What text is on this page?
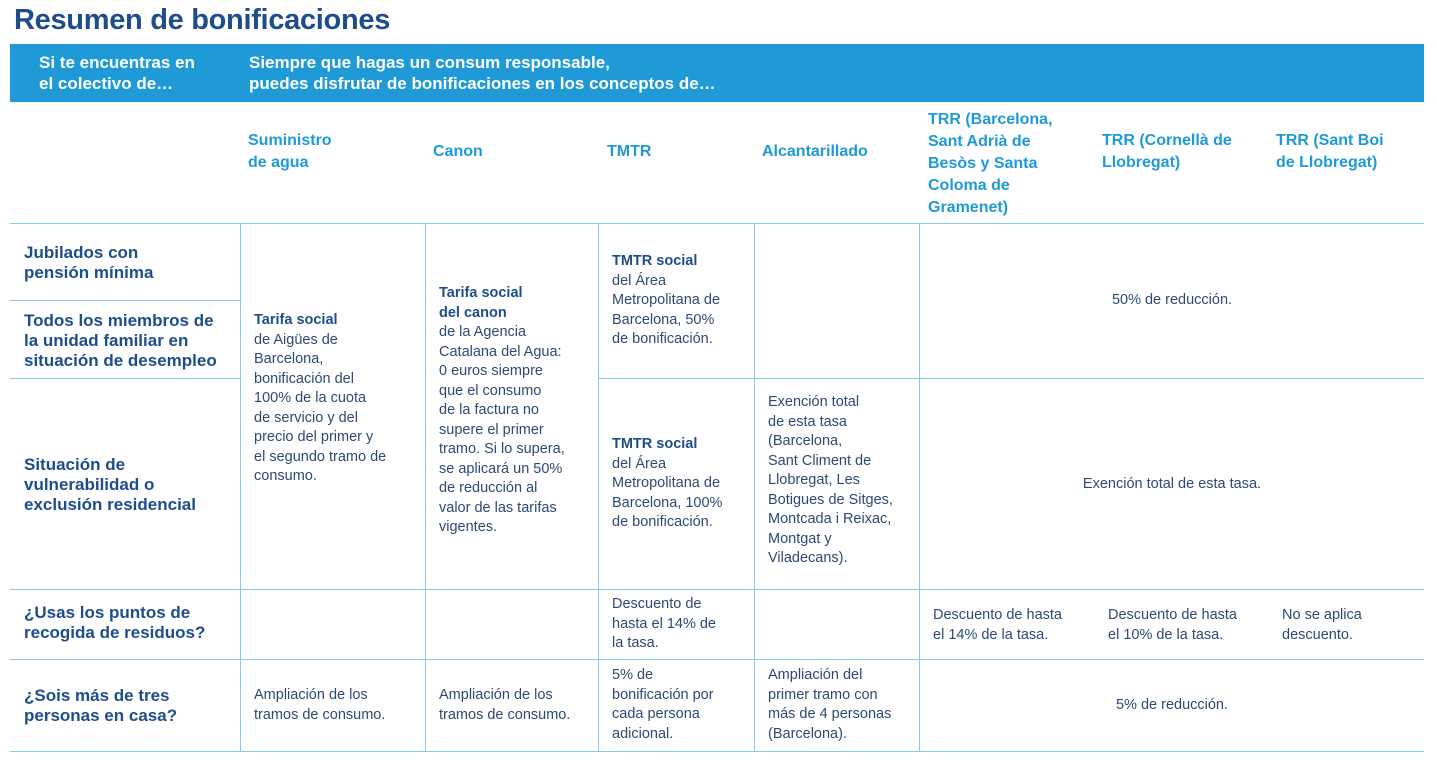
Resumen de bonificaciones
Si te encuentras en
el colectivo de…
Siempre que hagas un consum responsable,
puedes disfrutar de bonificaciones en los conceptos de…
Suministro
de agua
Canon	TMTR	Alcantarillado
TRR (Barcelona,
Sant Adrià de
Besòs y Santa
Coloma de
Gramenet)
TRR (Cornellà de
Llobregat)
TRR (Sant Boi
de Llobregat)
Jubilados con
pensión mínima
Todos los miembros de
la unidad familiar en
situación de desempleo
Situación de
vulnerabilidad o
exclusión residencial
¿Usas los puntos de
recogida de residuos?
¿Sois más de tres
personas en casa?
Tarifa social
de Aigües de
Barcelona,
bonificación del
100% de la cuota
de servicio y del
precio del primer y
el segundo tramo de
consumo.
Tarifa social
del canon
de la Agencia
Catalana del Agua:
0 euros siempre
que el consumo
de la factura no
supere el primer
tramo. Si lo supera,
se aplicará un 50%
de reducción al
valor de las tarifas
vigentes.
TMTR social
del Área
Metropolitana de
Barcelona, 50%
de bonificación.
TMTR social
del Área
Metropolitana de
Barcelona, 100%
de bonificación.
Exención total
de esta tasa
(Barcelona,
Sant Climent de
Llobregat, Les
Botigues de Sitges,
Montcada i Reixac,
Montgat y
Viladecans).
50% de reducción.
Exención total de esta tasa.
Descuento de
hasta el 14% de
la tasa.
Descuento de hasta
el 14% de la tasa.
Descuento de hasta
el 10% de la tasa.
No se aplica
descuento.
Ampliación de los
tramos de consumo.
Ampliación de los
tramos de consumo.
5% de
bonificación por
cada persona
adicional.
Ampliación del
primer tramo con
más de 4 personas
(Barcelona).
5% de reducción.
